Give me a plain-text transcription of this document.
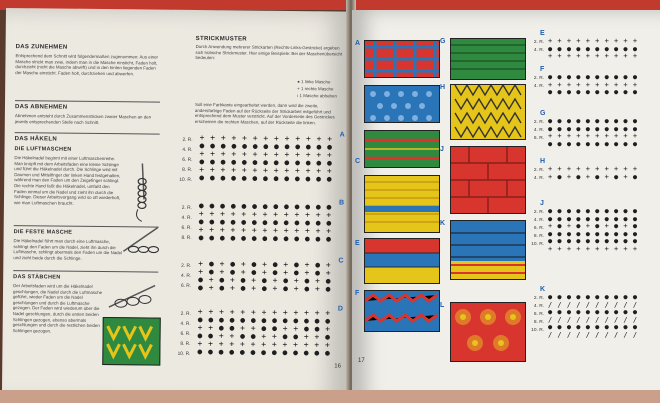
DAS ZUNEHMEN
Entsprechend dem Schnitt wird folgendermaßen zugenommen: Aus einer Masche strickt man zwei, indem man in die Masche einsticht, Faden holt, durchzieht (nicht die Masche abwirft) und in den hinten liegenden Faden der Masche einsticht. Faden holt, durchziehen und abwerfen.
DAS ABNEHMEN
Abnehmen entsteht durch Zusammenstricken zweier Maschen an den jeweils entsprechenden Stelle nach Schnitt.
DAS HÄKELN
DIE LUFTMASCHEN
Die Häkelnadel beginnt mit einer Luftmaschenreihe. Man knüpft mit dem Arbeitsfaden eine kleine Schlinge und führt die Häkelnadel durch. Die Schlinge wird mit Daumen und Mittelfinger der linken Hand festgehalten, während man den Faden um den Zeigefinger schlingt. Die rechte Hand faßt die Häkelnadel, umfaßt den Faden einmal um die Nadel und zieht ihn durch die Schlinge. Dieser Arbeitsvorgang wird so oft wiederholt, wie man Luftmaschen braucht.
DIE FESTE MASCHE
Die Häkelnadel führt man durch eine Luftmasche, schlingt den Faden um die Nadel, zieht ihn durch die Luftmasche, schlingt abermals den Faden um die Nadel und zieht beide durch die Schlinge.
DAS STÄBCHEN
Der Arbeitsfaden wird um die Häkelnadel geschlungen, die Nadel durch die Luftmasche geführt, wieder Faden um die Nadel geschlungen und durch die Luftmasche gezogen. Der Faden wird wiederum über die Nadel geschlungen, durch die ersten beiden Schlingen gezogen, ebenso abermals geschlungen und durch die restlichen beiden Schlingen gezogen.
STRICKMUSTER
Durch Anwendung mehrerer Strickarten (Rechts-Links-Gestricke) ergeben sich hübsche Strickmuster. Hier einige Beispiele: Bei der Maschenübersicht bedeuten:
● 1 linke Masche
+ 1 rechte Masche
ı 1 Masche abheben
Soll eine Farbkante eingearbeitet werden, dann wird die zweite, andersfarbige Faden auf der Rückseite der Strickarbeit mitgeführt und entsprechend dem Muster verstrickt. Auf der Vorderseite des Gestrickes erscheinen die rechten Maschen, auf der Rückseite die linken.
2. R.
4. R.
6. R.
8. R.
10. R.
+ + + + + + + + + + + + +
● ● ● ● ● ● ● ● ● ● ● ● ●
+ + + + + + + + + + + + +
● ● ● ● ● ● ● ● ● ● ● ● ●
+ + + + + + + + + + + + +
● ● ● ● ● ● ● ● ● ● ● ● ●
A
2. R.
4. R.
6. R.
8. R.
● ● ● ● ● ● ● ● ● ● ● ● ●
+ + + + + + + + + + + + +
● ● ● ● ● ● ● ● ● ● ● ● ●
+ + + + + + + + + + + + +
● ● ● ● ● ● ● ● ● ● ● ● ●
B
2. R.
4. R.
6. R.
+ ● + ● + ● + ● + ● + ● +
+ ● + ● + ● + ● + ● + ● +
● + ● + ● + ● + ● + ● + ●
● + ● + ● + ● + ● + ● + ●
C
2. R.
4. R.
6. R.
8. R.
10. R.
+ + + + + + + + + + + + +
● ● ● ● ● ● ● ● ● ● ● ● ●
+ + ● ● + + ● ● + + ● ● +
● ● + + ● ● + + ● ● + + ●
+ + + + + + + + + + + + +
● ● ● ● ● ● ● ● ● ● ● ● ●
D
16
C
A
E
F
G
H
J
K
L
E
2. R.
4. R.
+ + + + + + + + + +
● ● ● ● ● ● ● ● ● ●
+ + + + + + + + + +
F
2. R.
4. R.
● ● ● ● ● ● ● ● ● ●
+ + + + + + + + + +
● ● ● ● ● ● ● ● ● ●
G
2. R.
4. R.
6. R.
● ● ● ● ● ● ● ● ● ●
● ● ● ● ● ● ● ● ● ●
+ + + + + + + + + +
● ● ● ● ● ● ● ● ● ●
H
2. R.
4. R.
+ + + + + + + + + +
+ ● + ● + ● + ● + ●
J
2. R.
4. R.
6. R.
8. R.
10. R.
● ● ● ● ● ● ● ● ● ●
● ● ● ● ● ● ● ● ● ●
+ ● + ● + ● + ● + ●
● ● ● ● ● ● ● ● ● ●
● ● ● ● ● ● ● ● ● ●
+ + + + + + + + + +
K
2. R.
4. R.
6. R.
8. R.
10. R.
● ● ● ● ● ● ● ● ● ●
/ / / / / / / / / /
● ● ● ● ● ● ● ● ● ●
/ / / / / / / / / /
● ● ● ● ● ● ● ● ● ●
/ / / / / / / / / /
17
